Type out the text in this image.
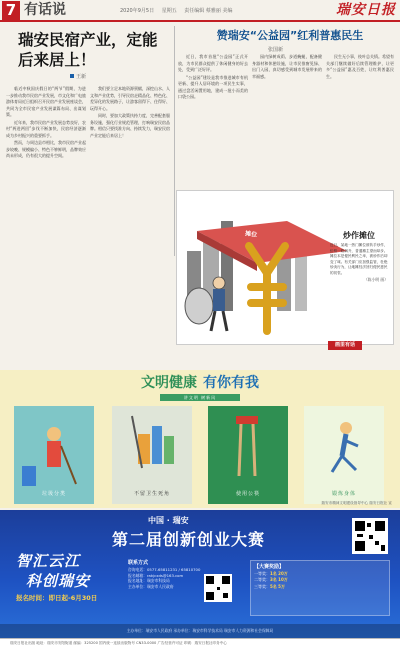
7 有话说	2020年9月5日 星期五 责任编辑 蔡雅丽 美编	瑞安日报
瑞安民宿产业，定能后来居上！
王新

临近中秋国庆假日的“两节”假期，为进一步推动我市民宿产业发展，市文化和广电旅游体育局近日组织召开民宿产业发展座谈会，共同为全市民宿产业发展谋篇布局、出谋划策。

近年来，我市民宿产业发展态势良好，农村“两进两回”步伐不断加快，民宿经济逐渐成为乡村振兴的重要抓手。

然而，与周边县市相比，我市民宿产业起步较晚、规模偏小、特色不够鲜明，品牌效应尚未形成，仍有很大的提升空间。

我们要立足本地资源禀赋，深挖山水、人文和产业优势，引导民宿走精品化、特色化、差异化的发展路子，让游客留得下、住得好、玩得开心。

同时，要加大政策扶持力度，完善配套服务设施，强化行业规范管理，打响瑞安民宿品牌。相信只要找准方向、持续发力，瑞安民宿产业定能后来居上！

赞瑞安“公益园”红利普惠民生
张国新

近日，我市首批“公益园”正式开放，为市民群众提供了休闲健身的好去处，受到广泛好评。

“公益园”建设是我市推进城市有机更新、提升人居环境的一项民生实事，通过盘活闲置用地，建成一批小而美的口袋公园。

园内绿树成荫、步道蜿蜒，配备健身器材和休憩设施，让市民推窗见绿、出门入园，真切感受到城市发展带来的幸福感。

民生无小事，枝叶总关情。希望有关部门继续做好后续管理维护，让更多“公益园”惠及百姓，让红利普惠民生。

摊位	炒作摊位
近日，某地一热门摊位被转手炒作，价格一路飙升，普通摊主望而却步。摊位本是便民利民之举，被炒作后却变了味。有关部门应加强监管，杜绝炒卖行为，让地摊经济回归便民惠民的初衷。
（陈小明 画）
画里有话
文明健康 有你有我
讲文明 树新风
垃圾分类	不留卫生死角	使用公筷	锻炼身体
瑞安市精神文明建设指导中心 瑞安日报社 宣
中国 · 瑞安
第二届创新创业大赛
智汇云江
科创瑞安
报名时间：即日起-6月30日
联系方式
咨询电话：0577-65811231 / 65810700
报名邮箱：rakjcxds@163.com
报名地址：瑞安市科技局
主办单位：瑞安市人民政府
【大赛奖励】
一等奖：1名 20万
二等奖：3名 10万
三等奖：5名 5万
主办单位：瑞安市人民政府 承办单位：瑞安市科学技术局 瑞安市人力资源和社会保障局

瑞安日报社出版 地址：瑞安市安阳街道 邮编：325200 国内统一连续出版物号 CN33-0000 广告经营许可证 印刷：瑞安日报社印务中心
